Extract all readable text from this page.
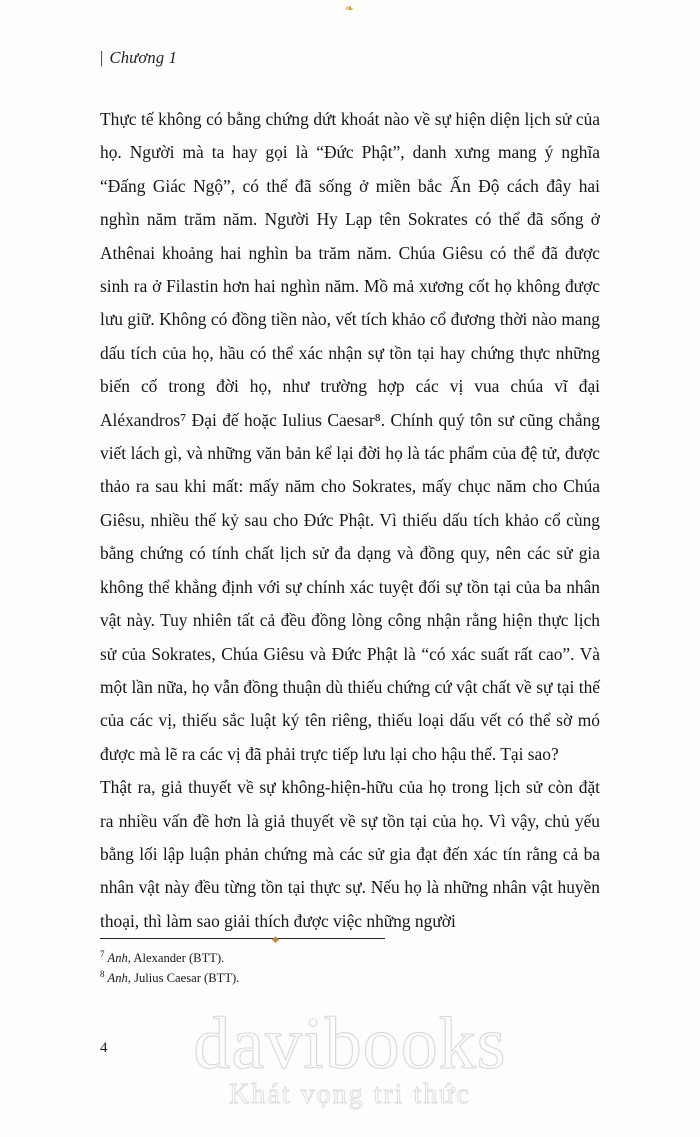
❧
| Chương 1

Thực tế không có bằng chứng dứt khoát nào về sự hiện diện lịch sử của họ. Người mà ta hay gọi là “Đức Phật”, danh xưng mang ý nghĩa “Đấng Giác Ngộ”, có thể đã sống ở miền bắc Ấn Độ cách đây hai nghìn năm trăm năm. Người Hy Lạp tên Sokrates có thể đã sống ở Athênai khoảng hai nghìn ba trăm năm. Chúa Giêsu có thể đã được sinh ra ở Filastin hơn hai nghìn năm. Mồ mả xương cốt họ không được lưu giữ. Không có đồng tiền nào, vết tích khảo cổ đương thời nào mang dấu tích của họ, hầu có thể xác nhận sự tồn tại hay chứng thực những biến cố trong đời họ, như trường hợp các vị vua chúa vĩ đại Aléxandros⁷ Đại đế hoặc Iulius Caesar⁸. Chính quý tôn sư cũng chẳng viết lách gì, và những văn bản kể lại đời họ là tác phẩm của đệ tử, được thảo ra sau khi mất: mấy năm cho Sokrates, mấy chục năm cho Chúa Giêsu, nhiều thế kỷ sau cho Đức Phật. Vì thiếu dấu tích khảo cổ cùng bằng chứng có tính chất lịch sử đa dạng và đồng quy, nên các sử gia không thể khẳng định với sự chính xác tuyệt đối sự tồn tại của ba nhân vật này. Tuy nhiên tất cả đều đồng lòng công nhận rằng hiện thực lịch sử của Sokrates, Chúa Giêsu và Đức Phật là “có xác suất rất cao”. Và một lần nữa, họ vẫn đồng thuận dù thiếu chứng cứ vật chất về sự tại thế của các vị, thiếu sắc luật ký tên riêng, thiếu loại dấu vết có thể sờ mó được mà lẽ ra các vị đã phải trực tiếp lưu lại cho hậu thế. Tại sao?

Thật ra, giả thuyết về sự không-hiện-hữu của họ trong lịch sử còn đặt ra nhiều vấn đề hơn là giả thuyết về sự tồn tại của họ. Vì vậy, chủ yếu bằng lối lập luận phản chứng mà các sử gia đạt đến xác tín rằng cả ba nhân vật này đều từng tồn tại thực sự. Nếu họ là những nhân vật huyền thoại, thì làm sao giải thích được việc những người

◆
$^7$ Anh, Alexander (BTT).
$^8$ Anh, Julius Caesar (BTT).
4	davibooks
Khát vọng tri thức
